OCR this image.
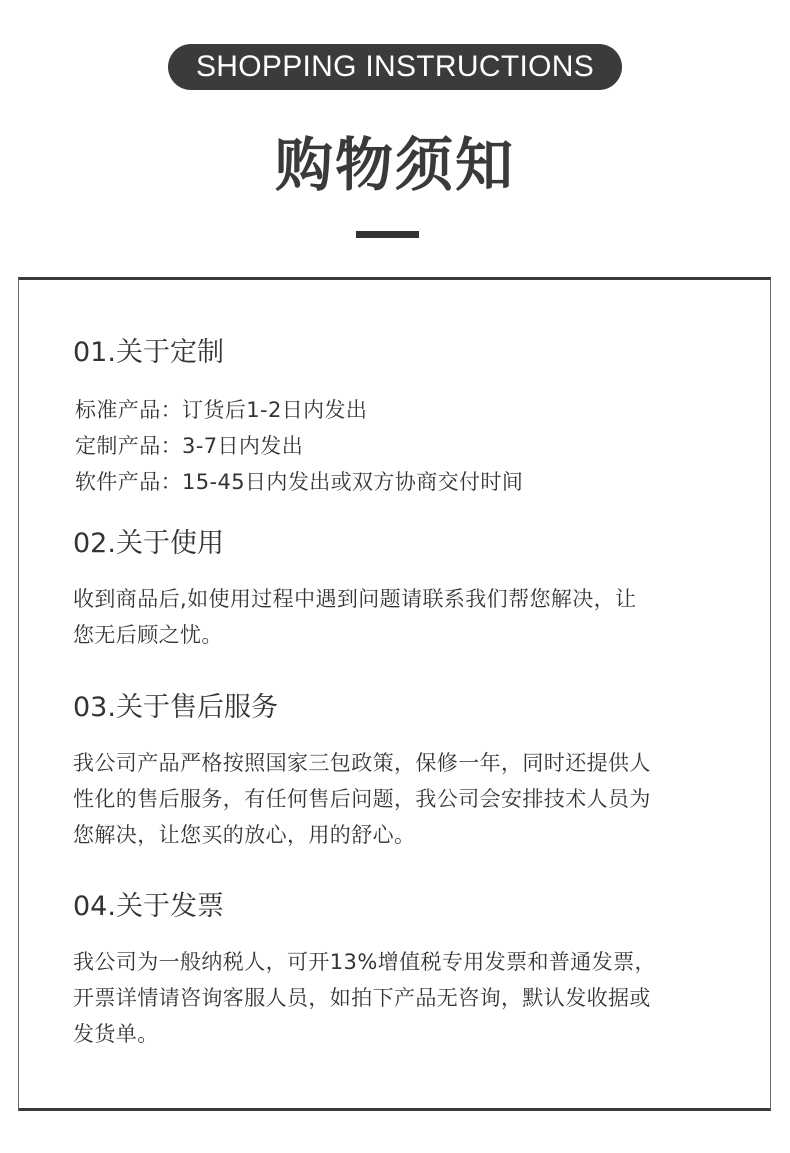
SHOPPING INSTRUCTIONS
购物须知
01.关于定制
标准产品：订货后1-2日内发出
定制产品：3-7日内发出
软件产品：15-45日内发出或双方协商交付时间
02.关于使用
收到商品后,如使用过程中遇到问题请联系我们帮您解决，让
您无后顾之忧。
03.关于售后服务
我公司产品严格按照国家三包政策，保修一年，同时还提供人
性化的售后服务，有任何售后问题，我公司会安排技术人员为
您解决，让您买的放心，用的舒心。
04.关于发票
我公司为一般纳税人，可开13%增值税专用发票和普通发票，
开票详情请咨询客服人员，如拍下产品无咨询，默认发收据或
发货单。
